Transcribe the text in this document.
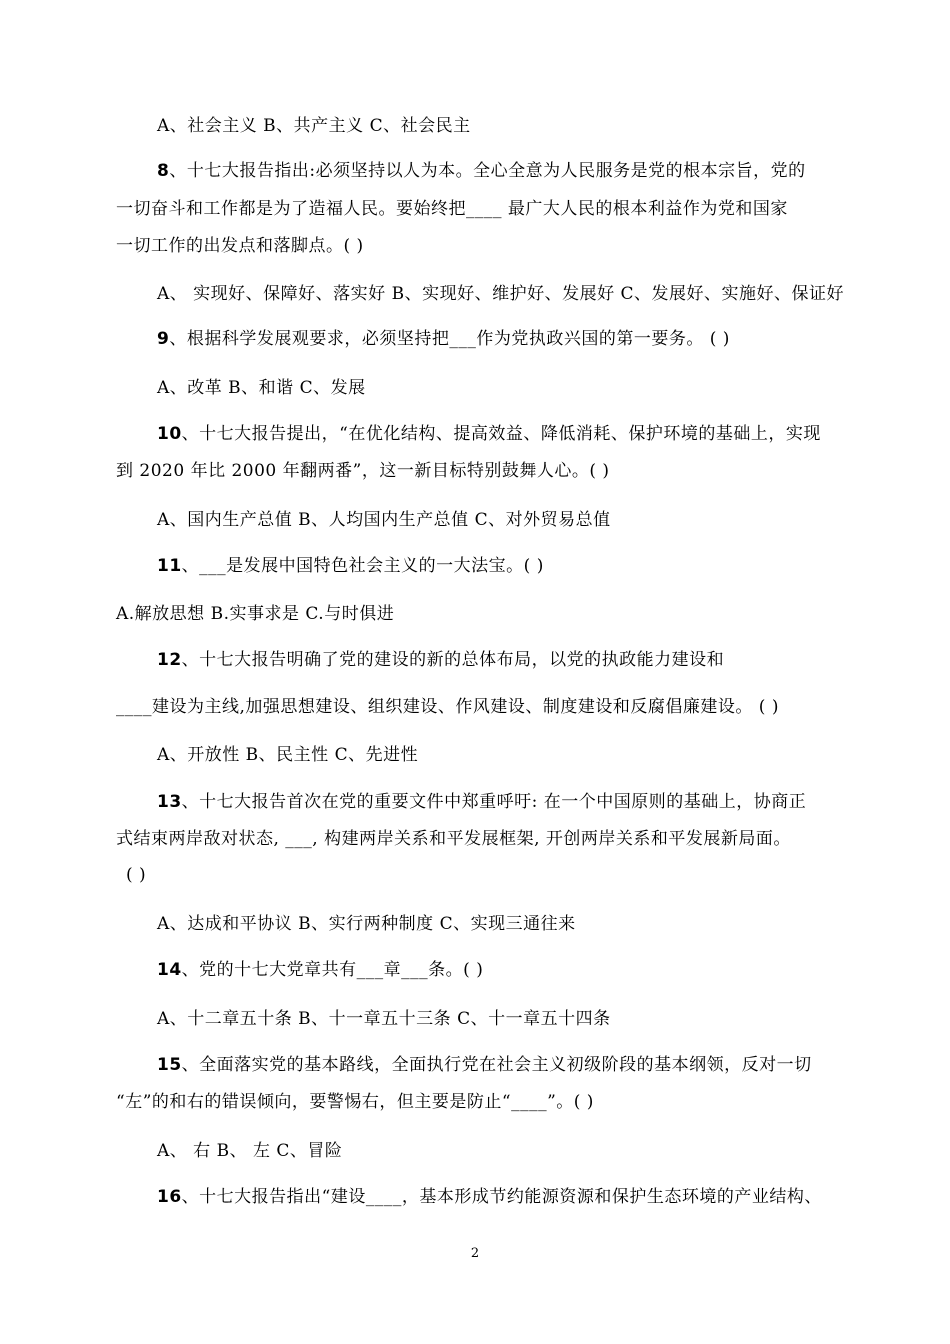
A、社会主义 B、共产主义 C、社会民主
8、十七大报告指出:必须坚持以人为本。全心全意为人民服务是党的根本宗旨，党的
一切奋斗和工作都是为了造福人民。要始终把____ 最广大人民的根本利益作为党和国家
一切工作的出发点和落脚点。( )
A、 实现好、保障好、落实好 B、实现好、维护好、发展好 C、发展好、实施好、保证好
9、根据科学发展观要求，必须坚持把___作为党执政兴国的第一要务。 ( )
A、改革 B、和谐 C、发展
10、十七大报告提出，“在优化结构、提高效益、降低消耗、保护环境的基础上，实现
到 2020 年比 2000 年翻两番”，这一新目标特别鼓舞人心。( )
A、国内生产总值 B、人均国内生产总值 C、对外贸易总值
11、___是发展中国特色社会主义的一大法宝。( )
A.解放思想 B.实事求是 C.与时俱进
12、十七大报告明确了党的建设的新的总体布局，以党的执政能力建设和
____建设为主线,加强思想建设、组织建设、作风建设、制度建设和反腐倡廉建设。 ( )
A、开放性 B、民主性 C、先进性
13、十七大报告首次在党的重要文件中郑重呼吁: 在一个中国原则的基础上，协商正
式结束两岸敌对状态, ___, 构建两岸关系和平发展框架, 开创两岸关系和平发展新局面。
( )
A、达成和平协议 B、实行两种制度 C、实现三通往来
14、党的十七大党章共有___章___条。( )
A、十二章五十条 B、十一章五十三条 C、十一章五十四条
15、全面落实党的基本路线，全面执行党在社会主义初级阶段的基本纲领，反对一切
“左”的和右的错误倾向，要警惕右，但主要是防止“____”。( )
A、 右 B、 左 C、冒险
16、十七大报告指出“建设____，基本形成节约能源资源和保护生态环境的产业结构、
2
